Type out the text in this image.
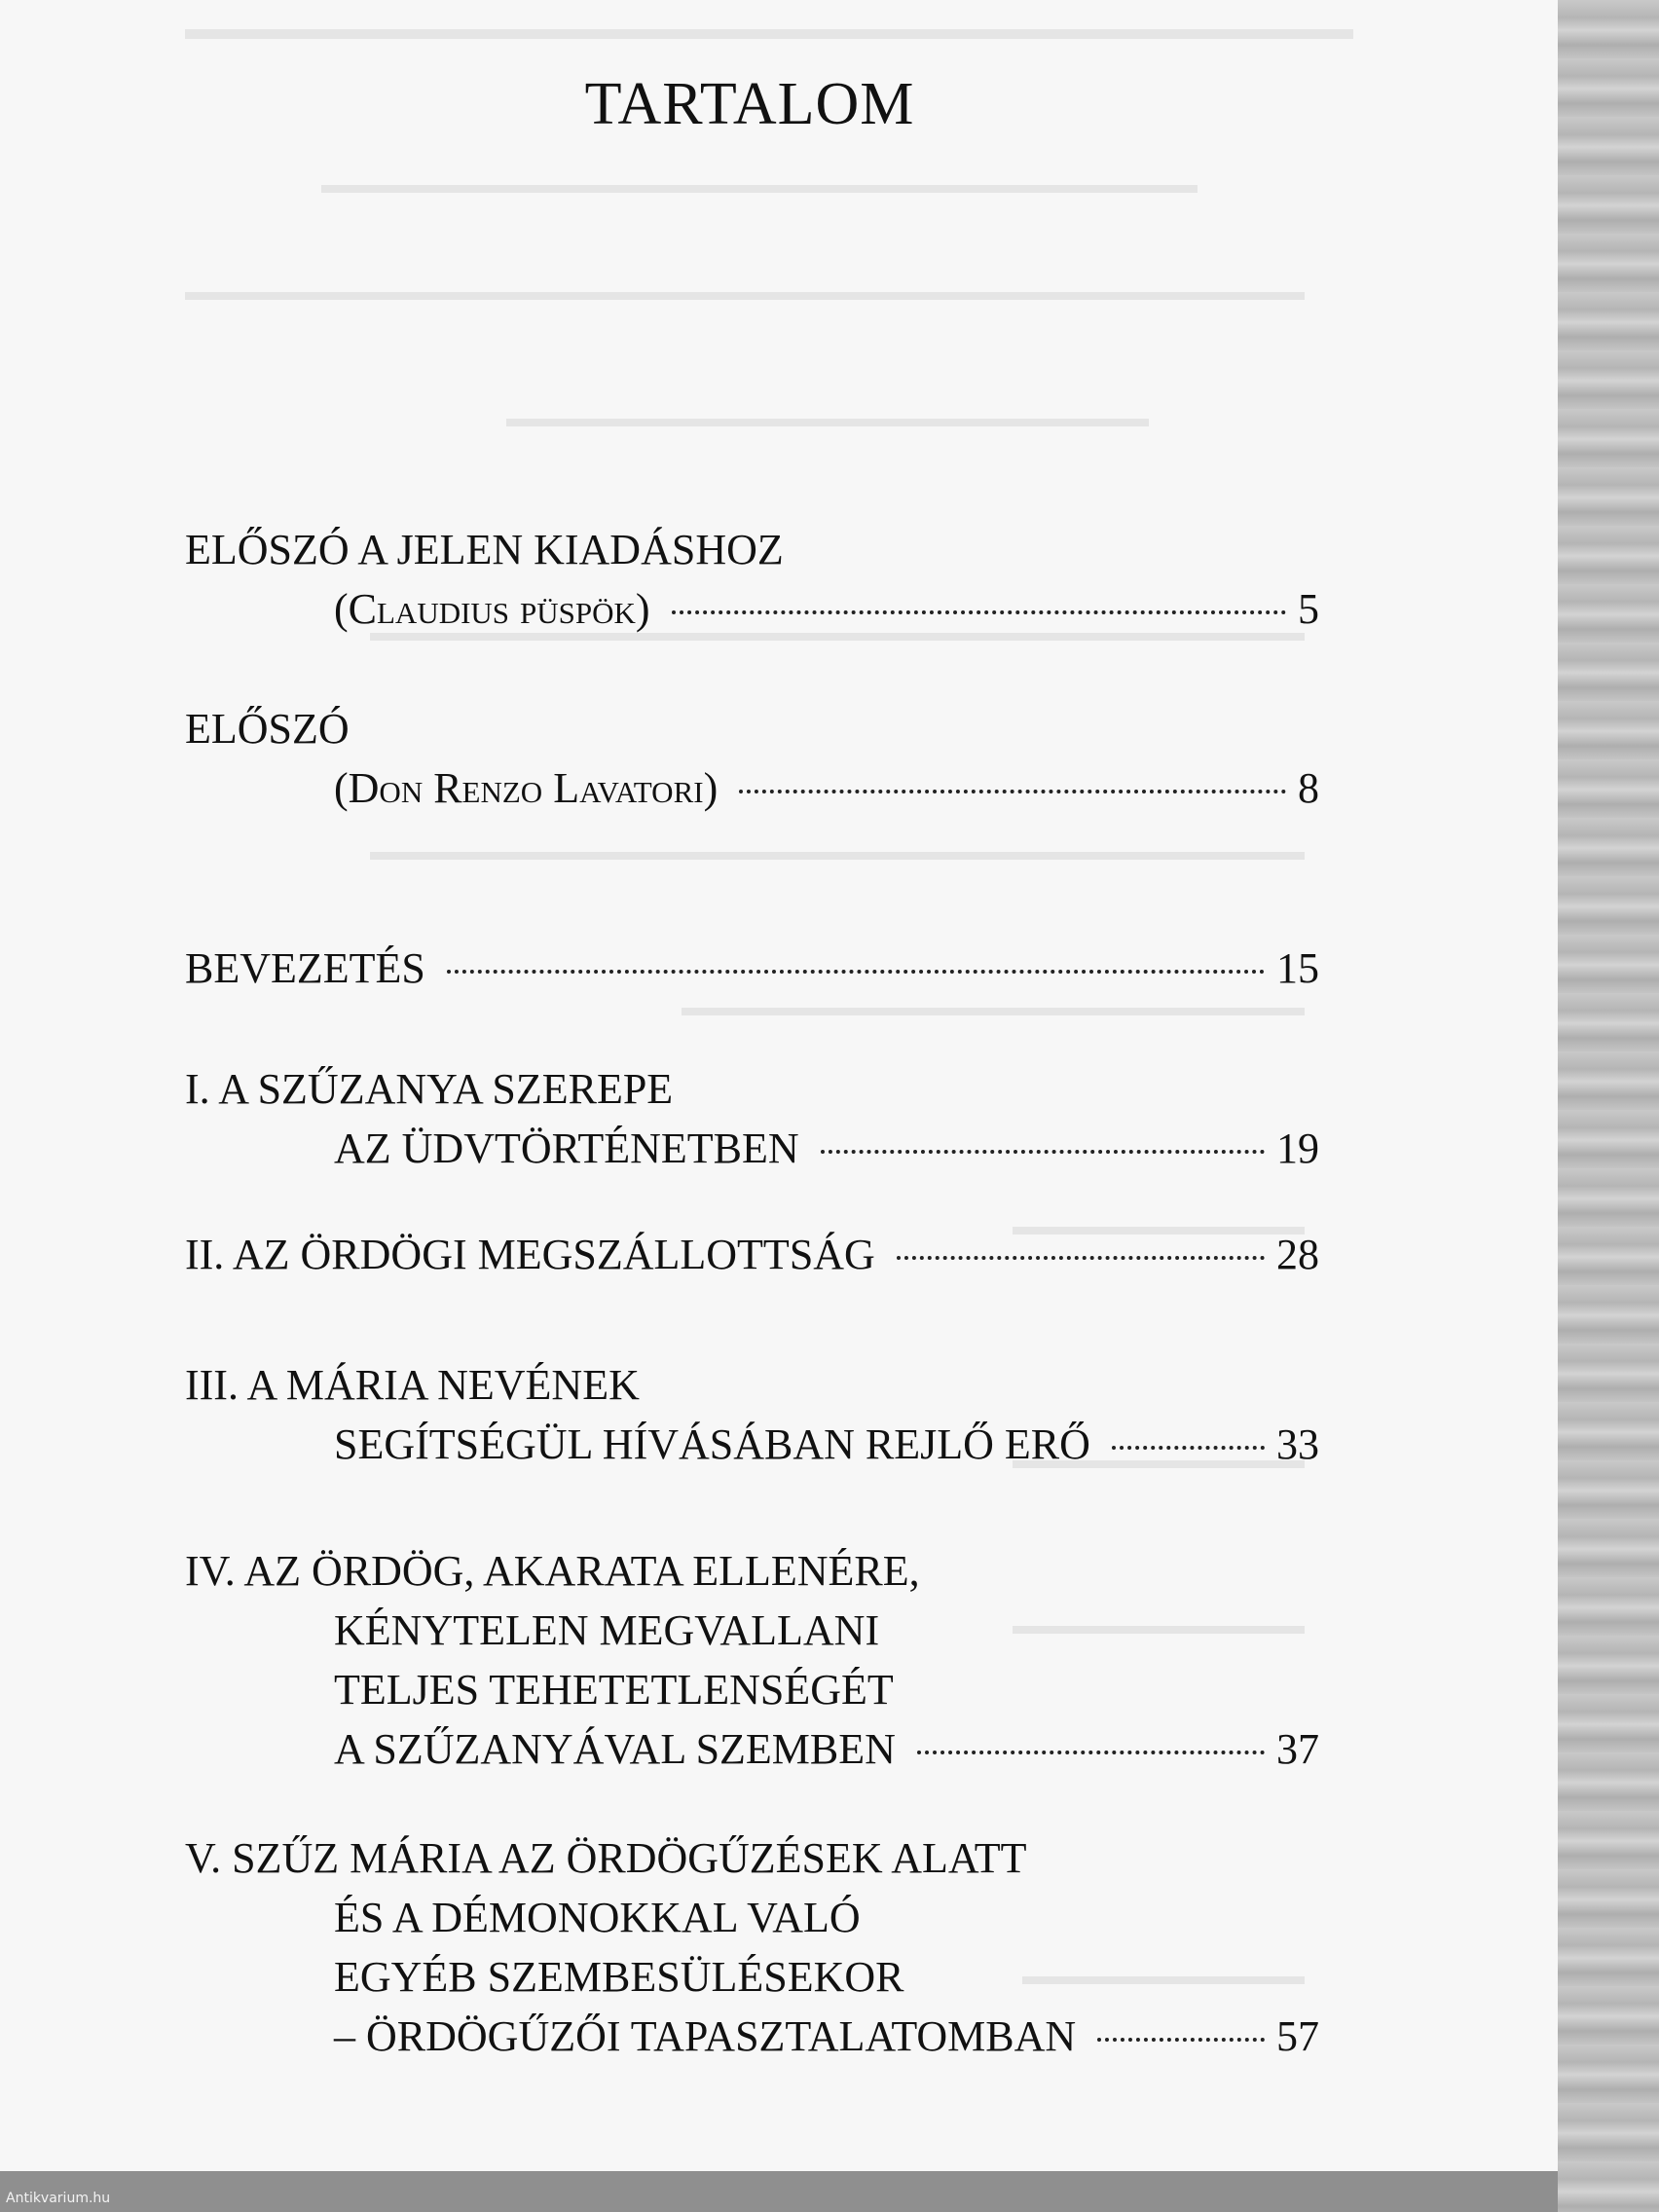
TARTALOM
ELŐSZÓ A JELEN KIADÁSHOZ
(Claudius püspök)	5
ELŐSZÓ
(Don Renzo Lavatori)	8
BEVEZETÉS	15
I. A SZŰZANYA SZEREPE
AZ ÜDVTÖRTÉNETBEN	19
II. AZ ÖRDÖGI MEGSZÁLLOTTSÁG	28
III. A MÁRIA NEVÉNEK
SEGÍTSÉGÜL HÍVÁSÁBAN REJLŐ ERŐ	33
IV. AZ ÖRDÖG, AKARATA ELLENÉRE,
KÉNYTELEN MEGVALLANI
TELJES TEHETETLENSÉGÉT
A SZŰZANYÁVAL SZEMBEN	37
V. SZŰZ MÁRIA AZ ÖRDÖGŰZÉSEK ALATT
ÉS A DÉMONOKKAL VALÓ
EGYÉB SZEMBESÜLÉSEKOR
– ÖRDÖGŰZŐI TAPASZTALATOMBAN	57
Antikvarium.hu
